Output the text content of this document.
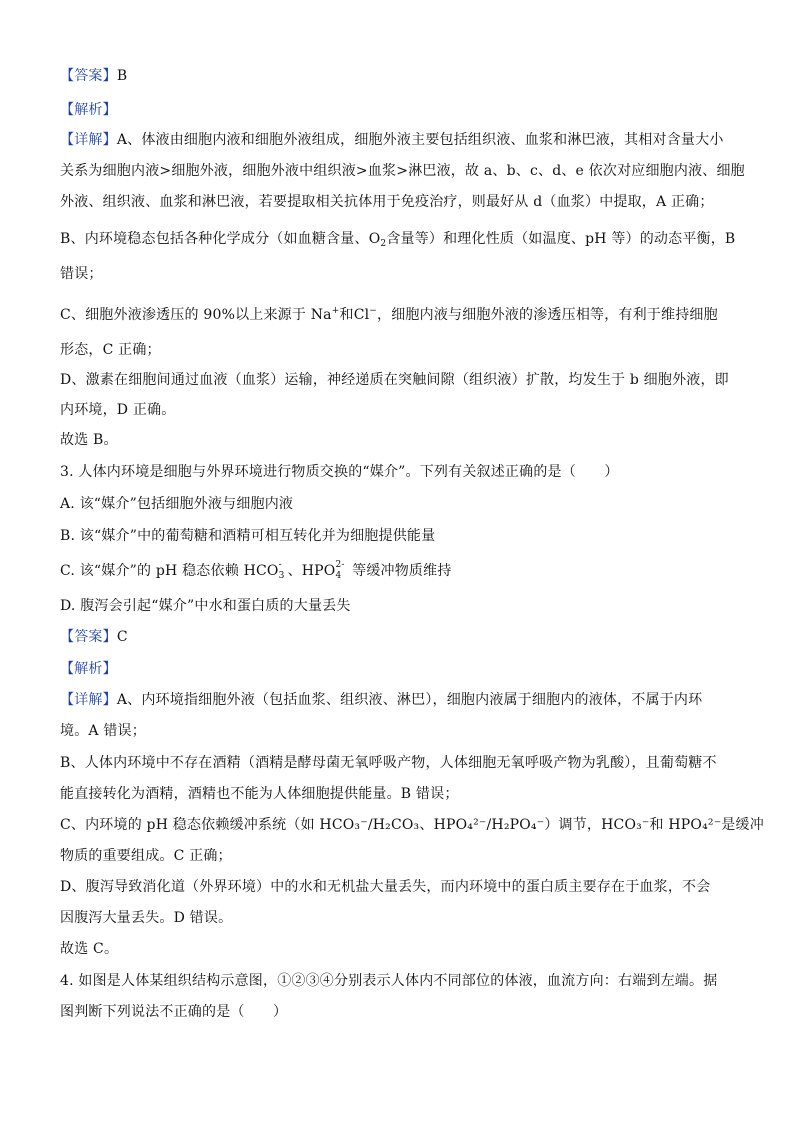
【答案】B
【解析】
【详解】A、体液由细胞内液和细胞外液组成，细胞外液主要包括组织液、血浆和淋巴液，其相对含量大小
关系为细胞内液>细胞外液，细胞外液中组织液>血浆>淋巴液，故 a、b、c、d、e 依次对应细胞内液、细胞
外液、组织液、血浆和淋巴液，若要提取相关抗体用于免疫治疗，则最好从 d（血浆）中提取，A 正确；
B、内环境稳态包括各种化学成分（如血糖含量、$O_2$含量等）和理化性质（如温度、pH 等）的动态平衡，B
错误；
C、细胞外液渗透压的 90%以上来源于 Na+和Cl−，细胞内液与细胞外液的渗透压相等，有利于维持细胞
形态，C 正确；
D、激素在细胞间通过血液（血浆）运输，神经递质在突触间隙（组织液）扩散，均发生于 b 细胞外液，即
内环境，D 正确。
故选 B。
3. 人体内环境是细胞与外界环境进行物质交换的“媒介”。下列有关叙述正确的是（　　）
A. 该“媒介”包括细胞外液与细胞内液
B. 该“媒介”中的葡萄糖和酒精可相互转化并为细胞提供能量
C. 该“媒介”的 pH 稳态依赖 HCO 3
- 、HPO 4
2- 等缓冲物质维持
D. 腹泻会引起“媒介”中水和蛋白质的大量丢失
【答案】C
【解析】
【详解】A、内环境指细胞外液（包括血浆、组织液、淋巴），细胞内液属于细胞内的液体，不属于内环
境。A 错误；
B、人体内环境中不存在酒精（酒精是酵母菌无氧呼吸产物，人体细胞无氧呼吸产物为乳酸），且葡萄糖不
能直接转化为酒精，酒精也不能为人体细胞提供能量。B 错误；
C、内环境的 pH 稳态依赖缓冲系统（如 HCO₃⁻/H₂CO₃、HPO₄²⁻/H₂PO₄⁻）调节，HCO₃⁻和 HPO₄²⁻是缓冲
物质的重要组成。C 正确；
D、腹泻导致消化道（外界环境）中的水和无机盐大量丢失，而内环境中的蛋白质主要存在于血浆，不会
因腹泻大量丢失。D 错误。
故选 C。
4. 如图是人体某组织结构示意图，①②③④分别表示人体内不同部位的体液，血流方向：右端到左端。据
图判断下列说法不正确的是（　　）
